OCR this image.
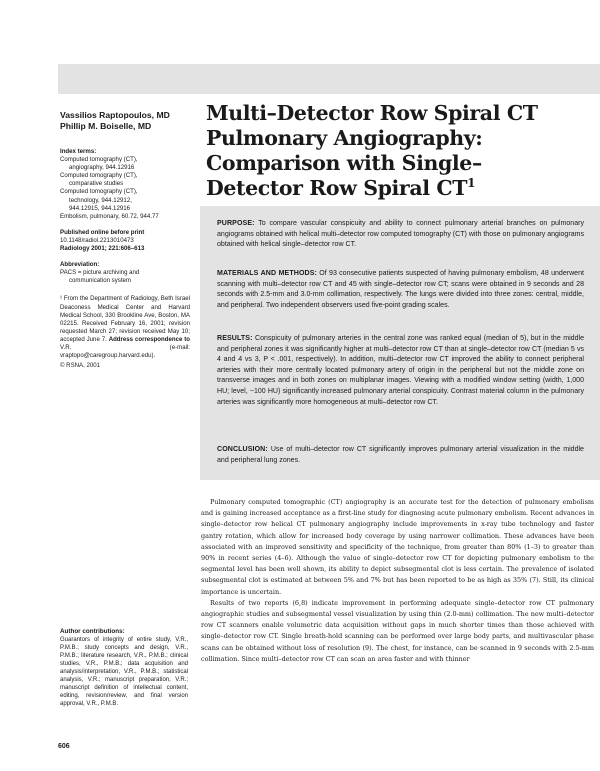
Vassilios Raptopoulos, MD
Phillip M. Boiselle, MD
Index terms:
Computed tomography (CT),
angiography, 944.12916
Computed tomography (CT),
comparative studies
Computed tomography (CT),
technology, 944.12912,
944.12915, 944.12916
Embolism, pulmonary, 60.72, 944.77
Published online before print
10.1148/radiol.2213010473
Radiology 2001; 221:606–613
Abbreviation:
PACS = picture archiving and
communication system
¹ From the Department of Radiology, Beth Israel Deaconess Medical Center and Harvard Medical School, 330 Brookline Ave, Boston, MA 02215. Received February 16, 2001; revision requested March 27; revision received May 10; accepted June 7. Address correspondence to V.R. (e-mail: vraptopo@caregroup.harvard.edu).
© RSNA, 2001
Author contributions:
Guarantors of integrity of entire study, V.R., P.M.B.; study concepts and design, V.R., P.M.B.; literature research, V.R., P.M.B.; clinical studies, V.R., P.M.B.; data acquisition and analysis/interpretation, V.R., P.M.B.; statistical analysis, V.R.; manuscript preparation, V.R.; manuscript definition of intellectual content, editing, revision/review, and final version approval, V.R., P.M.B.
Multi–Detector Row Spiral CT
Pulmonary Angiography:
Comparison with Single–
Detector Row Spiral $CT^1$

PURPOSE: To compare vascular conspicuity and ability to connect pulmonary arterial branches on pulmonary angiograms obtained with helical multi–detector row computed tomography (CT) with those on pulmonary angiograms obtained with helical single–detector row CT.

MATERIALS AND METHODS: Of 93 consecutive patients suspected of having pulmonary embolism, 48 underwent scanning with multi–detector row CT and 45 with single–detector row CT; scans were obtained in 9 seconds and 28 seconds with 2.5-mm and 3.0-mm collimation, respectively. The lungs were divided into three zones: central, middle, and peripheral. Two independent observers used five-point grading scales.

RESULTS: Conspicuity of pulmonary arteries in the central zone was ranked equal (median of 5), but in the middle and peripheral zones it was significantly higher at multi–detector row CT than at single–detector row CT (median 5 vs 4 and 4 vs 3, P < .001, respectively). In addition, multi–detector row CT improved the ability to connect peripheral arteries with their more centrally located pulmonary artery of origin in the peripheral but not the middle zone on transverse images and in both zones on multiplanar images. Viewing with a modified window setting (width, 1,000 HU; level, −100 HU) significantly increased pulmonary arterial conspicuity. Contrast material column in the pulmonary arteries was significantly more homogeneous at multi–detector row CT.

CONCLUSION: Use of multi–detector row CT significantly improves pulmonary arterial visualization in the middle and peripheral lung zones.

Pulmonary computed tomographic (CT) angiography is an accurate test for the detection of pulmonary embolism and is gaining increased acceptance as a first-line study for diagnosing acute pulmonary embolism. Recent advances in single–detector row helical CT pulmonary angiography include improvements in x-ray tube technology and faster gantry rotation, which allow for increased body coverage by using narrower collimation. These advances have been associated with an improved sensitivity and specificity of the technique, from greater than 80% (1–3) to greater than 90% in recent series (4–6). Although the value of single–detector row CT for depicting pulmonary embolism to the segmental level has been well shown, its ability to depict subsegmental clot is less certain. The prevalence of isolated subsegmental clot is estimated at between 5% and 7% but has been reported to be as high as 35% (7). Still, its clinical importance is uncertain.

Results of two reports (6,8) indicate improvement in performing adequate single–detector row CT pulmonary angiographic studies and subsegmental vessel visualization by using thin (2.0-mm) collimation. The new multi–detector row CT scanners enable volumetric data acquisition without gaps in much shorter times than those achieved with single–detector row CT. Single breath-hold scanning can be performed over large body parts, and multivascular phase scans can be obtained without loss of resolution (9). The chest, for instance, can be scanned in 9 seconds with 2.5-mm collimation. Since multi–detector row CT can scan an area faster and with thinner

606
